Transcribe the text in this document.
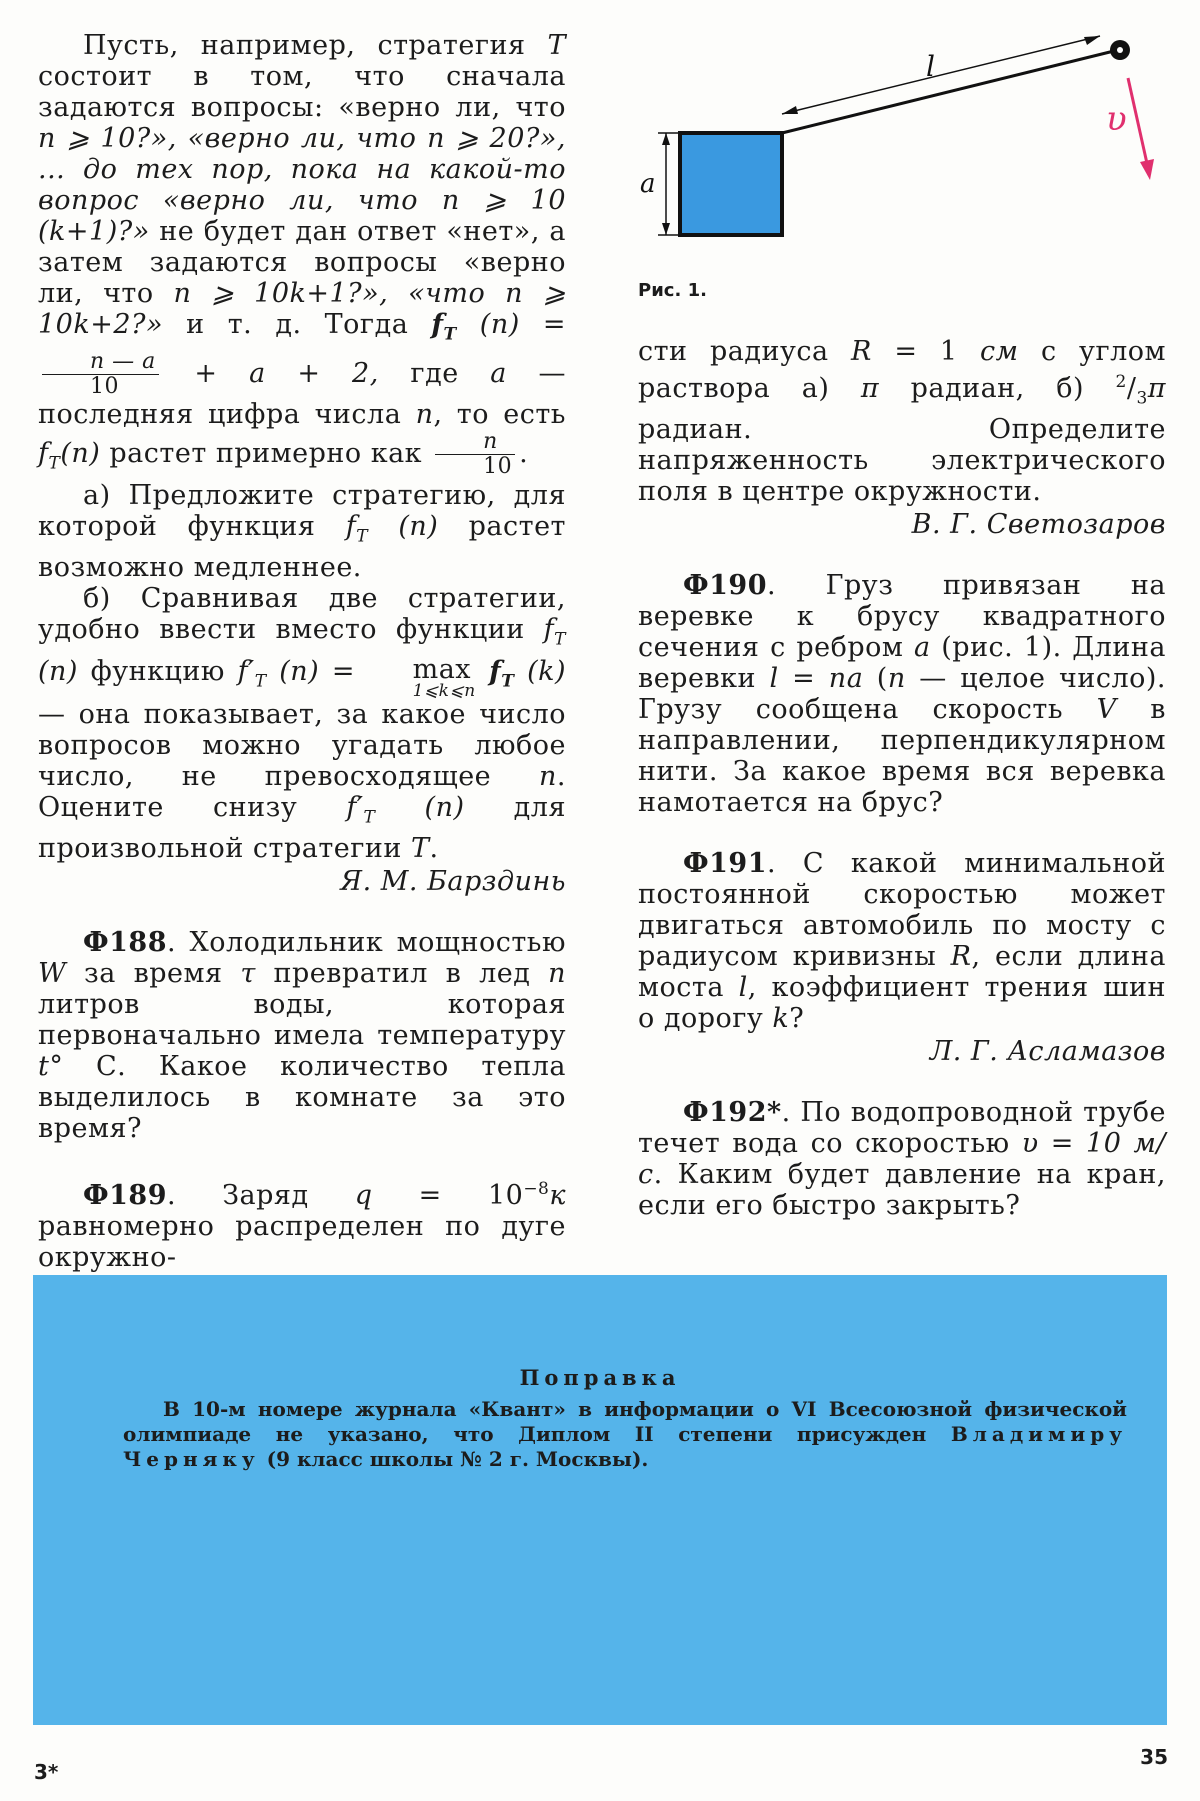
Пусть, например, стратегия T состоит в том, что сначала задаются вопросы: «верно ли, что n ⩾ 10?», «верно ли, что n ⩾ 20?», ... до тех пор, пока на какой-то вопрос «верно ли, что n ⩾ 10 (k+1)?» не будет дан ответ «нет», а затем задаются вопросы «верно ли, что n ⩾ 10k+1?», «что n ⩾ 10k+2?» и т. д. Тогда $f_T$ (n) =
$\frac{n — a}{10} + a + 2$, где a — последняя цифра числа n, то есть $f_T(n)$ растет примерно как $\frac{n}{10}$ .
а) Предложите стратегию, для которой функция $f_T$ (n) растет возможно медленнее.
б) Сравнивая две стратегии, удобно ввести вместо функции $f_T$ (n) функцию $f'_T$ (n) = max
1⩽k⩽n
$f_T$ (k) — она показывает, за какое число вопросов можно угадать любое число, не превосходящее n. Оцените снизу $f'_T$ (n) для произвольной стратегии T.
Я. М. Барздинь
Ф188. Холодильник мощностью W за время τ превратил в лед n литров воды, которая первоначально имела температуру t° С. Какое количество тепла выделилось в комнате за это время?
Ф189. Заряд $q = 10^{-8}к$ равномерно распределен по дуге окружно-
l
a
υ
Рис. 1.
сти радиуса R = 1 см с углом раствора а) π радиан, б) $^2/_3\pi$ радиан. Определите напряженность электрического поля в центре окружности.
В. Г. Светозаров
Ф190. Груз привязан на веревке к брусу квадратного сечения с ребром a (рис. 1). Длина веревки l = na (n — целое число). Грузу сообщена скорость V в направлении, перпендикулярном нити. За какое время вся веревка намотается на брус?
Ф191. С какой минимальной постоянной скоростью может двигаться автомобиль по мосту с радиусом кривизны R, если длина моста l, коэффициент трения шин о дорогу k?
Л. Г. Асламазов
Ф192*. По водопроводной трубе течет вода со скоростью υ = 10 м/с. Каким будет давление на кран, если его быстро закрыть?
Поправка
В 10-м номере журнала «Квант» в информации о VI Всесоюзной физической олимпиаде не указано, что Диплом II степени присужден Владимиру Черняку (9 класс школы № 2 г. Москвы).
3*
35
